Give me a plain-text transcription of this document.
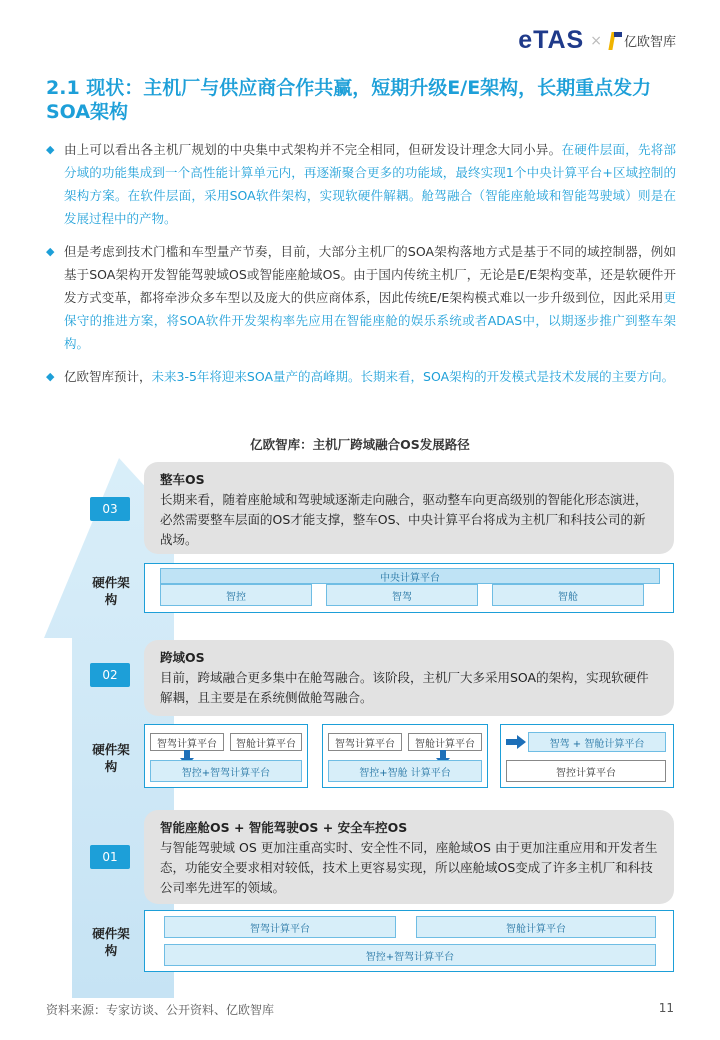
eTAS × 亿欧智库
2.1 现状：主机厂与供应商合作共赢，短期升级E/E架构，长期重点发力SOA架构
◆ 由上可以看出各主机厂规划的中央集中式架构并不完全相同，但研发设计理念大同小异。在硬件层面，先将部分域的功能集成到一个高性能计算单元内，再逐渐聚合更多的功能域，最终实现1个中央计算平台+区域控制的架构方案。在软件层面，采用SOA软件架构，实现软硬件解耦。舱驾融合（智能座舱域和智能驾驶域）则是在发展过程中的产物。
◆ 但是考虑到技术门槛和车型量产节奏，目前，大部分主机厂的SOA架构落地方式是基于不同的域控制器，例如基于SOA架构开发智能驾驶域OS或智能座舱域OS。由于国内传统主机厂，无论是E/E架构变革，还是软硬件开发方式变革，都将牵涉众多车型以及庞大的供应商体系，因此传统E/E架构模式难以一步升级到位，因此采用更保守的推进方案，将SOA软件开发架构率先应用在智能座舱的娱乐系统或者ADAS中，以期逐步推广到整车架构。
◆ 亿欧智库预计，未来3-5年将迎来SOA量产的高峰期。长期来看，SOA架构的开发模式是技术发展的主要方向。
亿欧智库：主机厂跨域融合OS发展路径
整车OS

长期来看，随着座舱域和驾驶域逐渐走向融合，驱动整车向更高级别的智能化形态演进，必然需要整车层面的OS才能支撑，整车OS、中央计算平台将成为主机厂和科技公司的新战场。

03
硬件架构
中央计算平台
智控	智驾	智舱
跨域OS

目前，跨域融合更多集中在舱驾融合。该阶段，主机厂大多采用SOA的架构，实现软硬件解耦，且主要是在系统侧做舱驾融合。

02
硬件架构
智驾计算平台	智舱计算平台
智控+智驾计算平台
智驾计算平台	智舱计算平台
智控+智舱 计算平台
智驾 + 智舱计算平台
智控计算平台
智能座舱OS + 智能驾驶OS + 安全车控OS

与智能驾驶域 OS 更加注重高实时、安全性不同，座舱域OS 由于更加注重应用和开发者生态，功能安全要求相对较低，技术上更容易实现，所以座舱域OS变成了许多主机厂和科技公司率先进军的领域。

01
硬件架构
智驾计算平台	智舱计算平台
智控+智驾计算平台
资料来源：专家访谈、公开资料、亿欧智库	11
